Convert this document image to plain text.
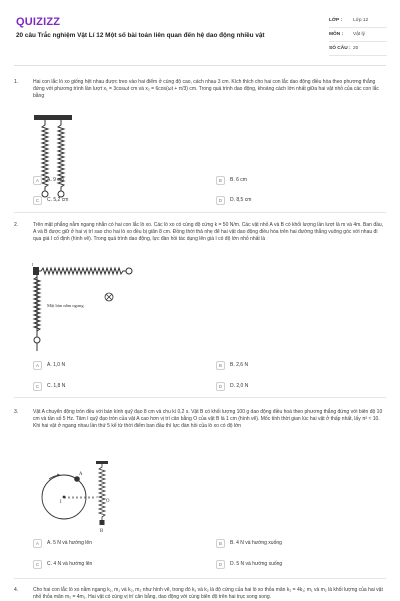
QUIZIZZ
20 câu Trắc nghiệm Vật Lí 12 Một số bài toán liên quan đến hệ dao động nhiều vật
LỚP :	Lớp 12
MÔN :	Vật lý
SỐ CÂU : 20
1.	Hai con lắc lò xo giống hệt nhau được treo vào hai điểm ở cùng độ cao, cách nhau 3 cm. Kích thích cho hai con lắc dao động điều hòa theo phương thẳng đứng với phương trình lần lượt x₁ = 3cosωt cm và x₂ = 6cos(ωt + π/3) cm. Trong quá trình dao động, khoảng cách lớn nhất giữa hai vật nhỏ của các con lắc bằng
A	A. 9 cm	B	B. 6 cm
C	C. 5,2 cm	D	D. 8,5 cm
2.	Trên mặt phẳng nằm ngang nhẵn có hai con lắc lò xo. Các lò xo có cùng độ cứng k = 50 N/m. Các vật nhỏ A và B có khối lượng lần lượt là m và 4m. Ban đầu, A và B được giữ ở hai vị trí sao cho hai lò xo đều bị giãn 8 cm. Đồng thời thả nhẹ để hai vật dao động điều hòa trên hai đường thẳng vuông góc với nhau đi qua giá I cố định (hình vẽ). Trong quá trình dao động, lực đàn hồi tác dụng lên giá I có độ lớn nhỏ nhất là
Mặt bàn nằm ngang
I
A	A. 1,0 N	B	B. 2,6 N
C	C. 1,8 N	D	D. 2,0 N
3.	Vật A chuyển động tròn đều với bán kính quỹ đạo 8 cm và chu kì 0,2 s. Vật B có khối lượng 100 g dao động điều hoà theo phương thẳng đứng với biên độ 10 cm và tần số 5 Hz. Tâm I quỹ đạo tròn của vật A cao hơn vị trí cân bằng O của vật B là 1 cm (hình vẽ). Mốc tính thời gian lúc hai vật ở thấp nhất, lấy π² ≈ 10. Khi hai vật ở ngang nhau lần thứ 5 kể từ thời điểm ban đầu thì lực đàn hồi của lò xo có độ lớn
A
I	O
B
A	A. 5 N và hướng lên	B	B. 4 N và hướng xuống
C	C. 4 N và hướng lên	D	D. 5 N và hướng xuống
4.	Cho hai con lắc lò xo nằm ngang k₁, m₁ và k₂, m₂ như hình vẽ, trong đó k₁ và k₂ là độ cứng của hai lò xo thỏa mãn k₂ = 4k₁; m₁ và m₂ là khối lượng của hai vật nhỏ thỏa mãn m₂ = 4m₁. Hai vật có cùng vị trí cân bằng, dao động với cùng biên độ trên hai trục song song.
